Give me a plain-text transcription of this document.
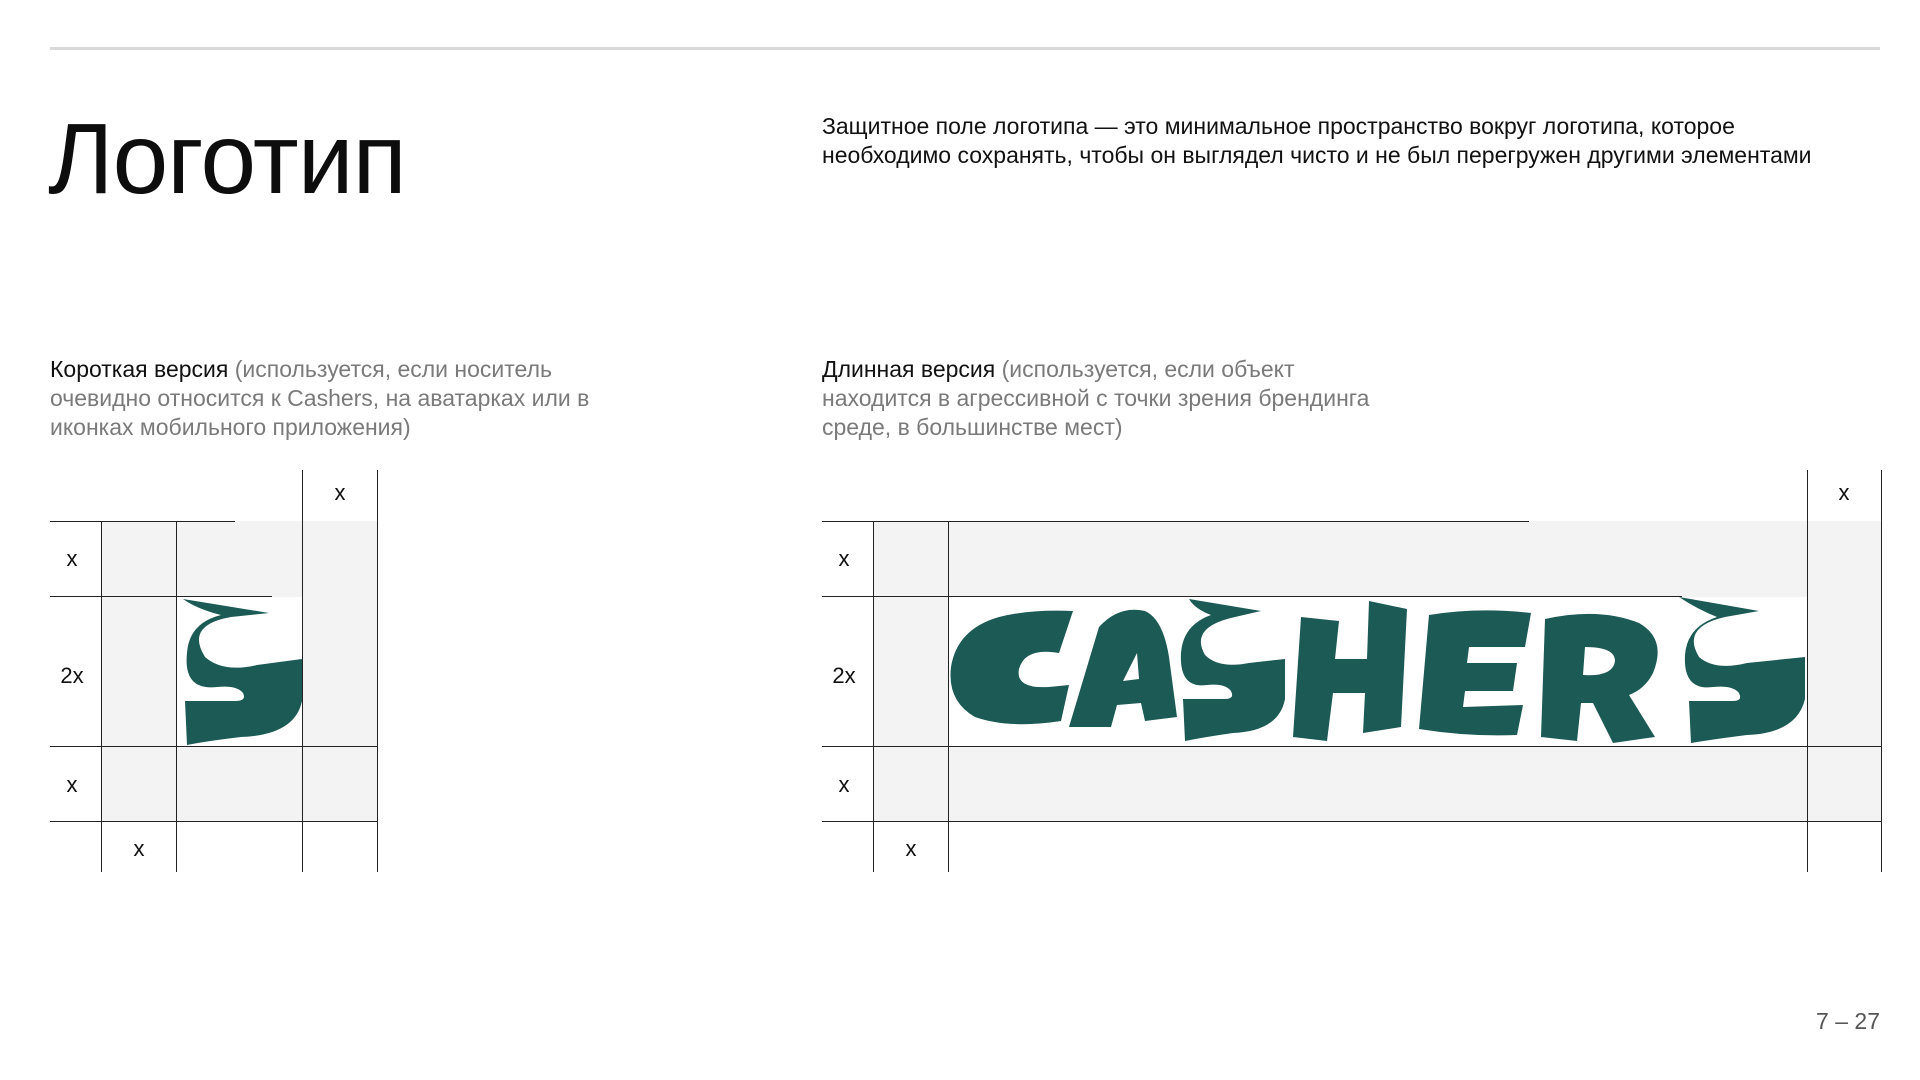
Логотип	Защитное поле логотипа — это минимальное пространство вокруг логотипа, которое необходимо сохранять, чтобы он выглядел чисто и не был перегружен другими элементами

Короткая версия (используется, если носитель очевидно относится к Cashers, на аватарках или в иконках мобильного приложения)

Длинная версия (используется, если объект находится в агрессивной с точки зрения брендинга среде, в большинстве мест)

x
x
2x
x
x
x
x
2x
x
x
7 – 27
